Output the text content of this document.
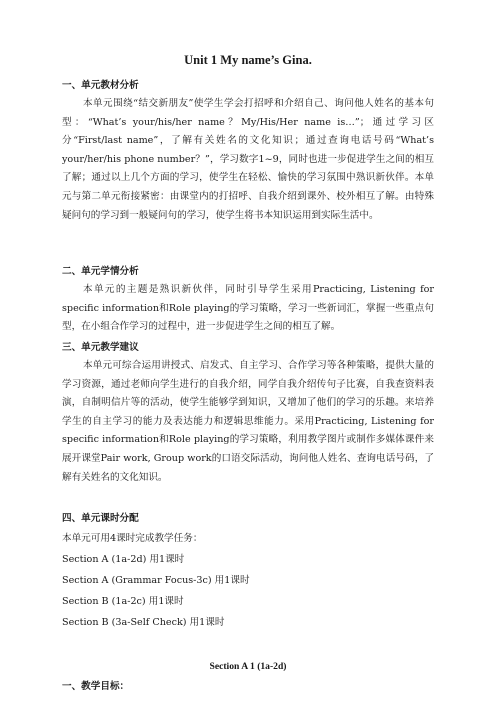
Unit 1 My name’s Gina.
一、单元教材分析
本单元围绕“结交新朋友”使学生学会打招呼和介绍自己、询问他人姓名的基本句型：“What’s your/his/her name？My/His/Her name is…”；通过学习区分“First/last name”，了解有关姓名的文化知识；通过查询电话号码“What’s your/her/his phone number？”，学习数字1~9，同时也进一步促进学生之间的相互了解；通过以上几个方面的学习，使学生在轻松、愉快的学习氛围中熟识新伙伴。本单元与第二单元衔接紧密：由课堂内的打招呼、自我介绍到课外、校外相互了解。由特殊疑问句的学习到一般疑问句的学习，使学生将书本知识运用到实际生活中。
二、单元学情分析
本单元的主题是熟识新伙伴，同时引导学生采用Practicing, Listening for specific information和Role playing的学习策略，学习一些新词汇，掌握一些重点句型，在小组合作学习的过程中，进一步促进学生之间的相互了解。
三、单元教学建议
本单元可综合运用讲授式、启发式、自主学习、合作学习等各种策略，提供大量的学习资源，通过老师向学生进行的自我介绍，同学自我介绍传句子比赛，自我查资料表演，自制明信片等的活动，使学生能够学到知识，又增加了他们的学习的乐趣。来培养学生的自主学习的能力及表达能力和逻辑思维能力。采用Practicing, Listening for specific information和Role playing的学习策略，利用教学图片或制作多媒体课件来展开课堂Pair work, Group work的口语交际活动，询问他人姓名、查询电话号码，了解有关姓名的文化知识。
四、单元课时分配
本单元可用4课时完成教学任务：
Section A (1a-2d) 用1课时
Section A (Grammar Focus-3c) 用1课时
Section B (1a-2c) 用1课时
Section B (3a-Self Check) 用1课时
Section A 1 (1a-2d)
一、教学目标：
